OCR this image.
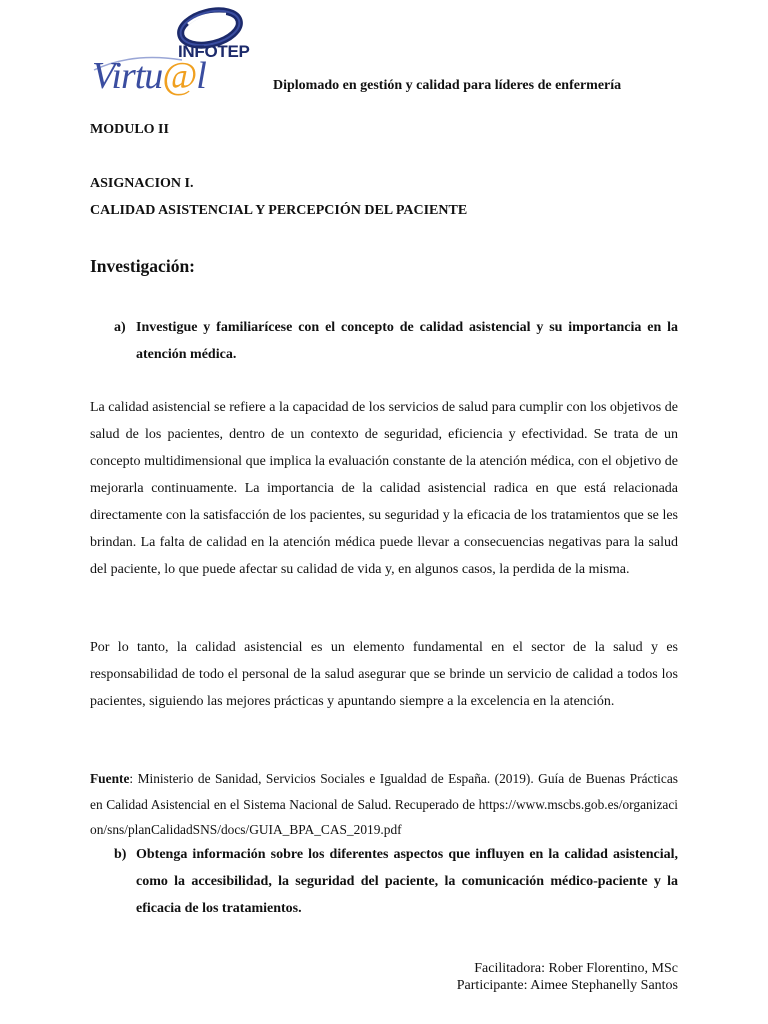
INFOTEP
Virtu@l	Diplomado en gestión y calidad para líderes de enfermería
MODULO II
ASIGNACION I.
CALIDAD ASISTENCIAL Y PERCEPCIÓN DEL PACIENTE
Investigación:
a) Investigue y familiarícese con el concepto de calidad asistencial y su importancia en la atención médica.

La calidad asistencial se refiere a la capacidad de los servicios de salud para cumplir con los objetivos de salud de los pacientes, dentro de un contexto de seguridad, eficiencia y efectividad. Se trata de un concepto multidimensional que implica la evaluación constante de la atención médica, con el objetivo de mejorarla continuamente. La importancia de la calidad asistencial radica en que está relacionada directamente con la satisfacción de los pacientes, su seguridad y la eficacia de los tratamientos que se les brindan. La falta de calidad en la atención médica puede llevar a consecuencias negativas para la salud del paciente, lo que puede afectar su calidad de vida y, en algunos casos, la perdida de la misma.

Por lo tanto, la calidad asistencial es un elemento fundamental en el sector de la salud y es responsabilidad de todo el personal de la salud asegurar que se brinde un servicio de calidad a todos los pacientes, siguiendo las mejores prácticas y apuntando siempre a la excelencia en la atención.

Fuente: Ministerio de Sanidad, Servicios Sociales e Igualdad de España. (2019). Guía de Buenas Prácticas en Calidad Asistencial en el Sistema Nacional de Salud. Recuperado de https://www.mscbs.gob.es/organizacion/sns/planCalidadSNS/docs/GUIA_BPA_CAS_2019.pdf

b) Obtenga información sobre los diferentes aspectos que influyen en la calidad asistencial, como la accesibilidad, la seguridad del paciente, la comunicación médico-paciente y la eficacia de los tratamientos.
Facilitadora: Rober Florentino, MSc
Participante: Aimee Stephanelly Santos
